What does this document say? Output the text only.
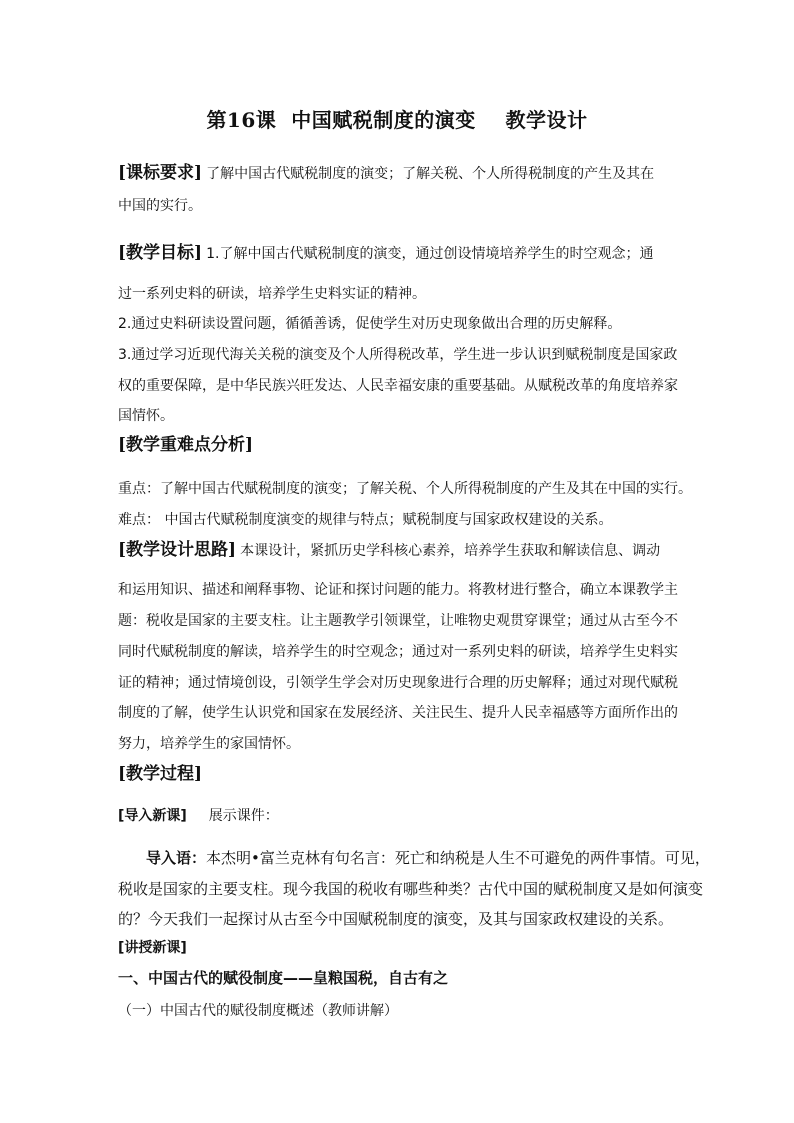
第16课  中国赋税制度的演变    教学设计
[课标要求] 了解中国古代赋税制度的演变；了解关税、个人所得税制度的产生及其在
中国的实行。
[教学目标] 1.了解中国古代赋税制度的演变，通过创设情境培养学生的时空观念；通
过一系列史料的研读，培养学生史料实证的精神。
2.通过史料研读设置问题，循循善诱，促使学生对历史现象做出合理的历史解释。
3.通过学习近现代海关关税的演变及个人所得税改革，学生进一步认识到赋税制度是国家政
权的重要保障，是中华民族兴旺发达、人民幸福安康的重要基础。从赋税改革的角度培养家
国情怀。
[教学重难点分析]
重点：了解中国古代赋税制度的演变；了解关税、个人所得税制度的产生及其在中国的实行。
难点： 中国古代赋税制度演变的规律与特点；赋税制度与国家政权建设的关系。
[教学设计思路] 本课设计，紧抓历史学科核心素养，培养学生获取和解读信息、调动
和运用知识、描述和阐释事物、论证和探讨问题的能力。将教材进行整合，确立本课教学主
题：税收是国家的主要支柱。让主题教学引领课堂，让唯物史观贯穿课堂；通过从古至今不
同时代赋税制度的解读，培养学生的时空观念；通过对一系列史料的研读，培养学生史料实
证的精神；通过情境创设，引领学生学会对历史现象进行合理的历史解释；通过对现代赋税
制度的了解，使学生认识党和国家在发展经济、关注民生、提升人民幸福感等方面所作出的
努力，培养学生的家国情怀。
[教学过程]
[导入新课] 展示课件：
导入语：本杰明•富兰克林有句名言：死亡和纳税是人生不可避免的两件事情。可见，
税收是国家的主要支柱。现今我国的税收有哪些种类？古代中国的赋税制度又是如何演变
的？今天我们一起探讨从古至今中国赋税制度的演变，及其与国家政权建设的关系。
[讲授新课]
一、中国古代的赋役制度——皇粮国税，自古有之
（一）中国古代的赋役制度概述（教师讲解）
